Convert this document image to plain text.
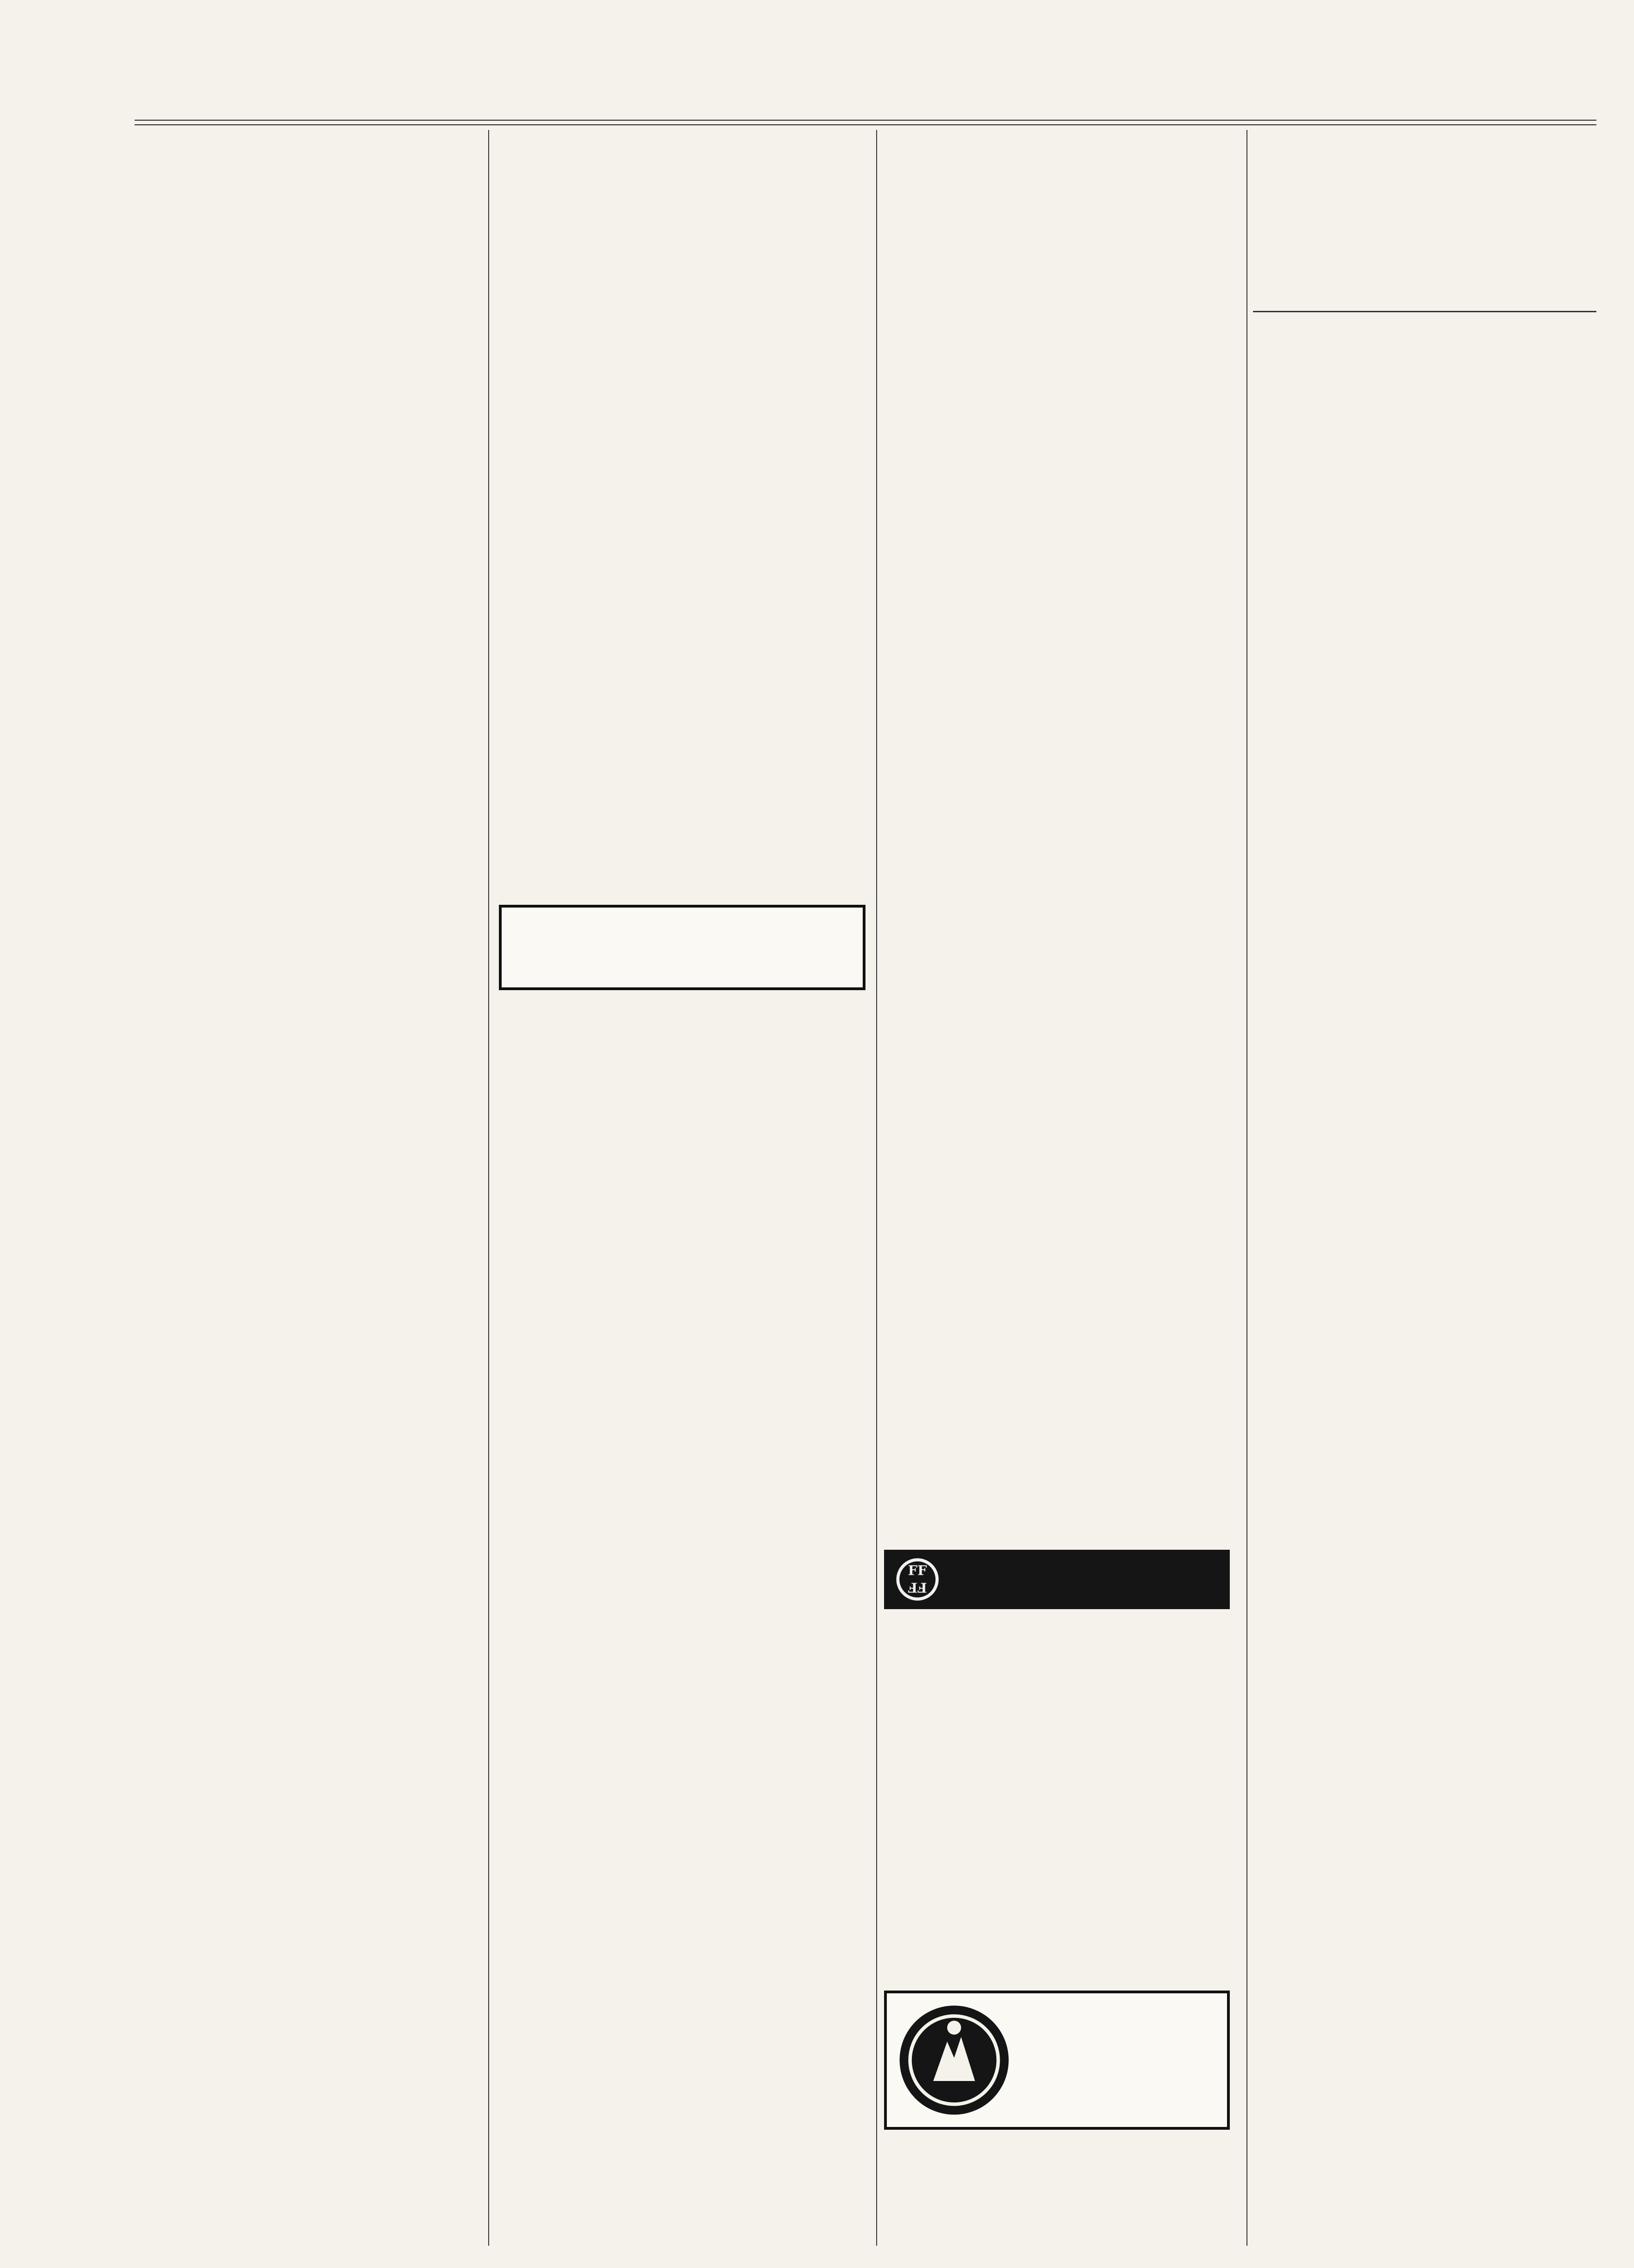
FF
FF
